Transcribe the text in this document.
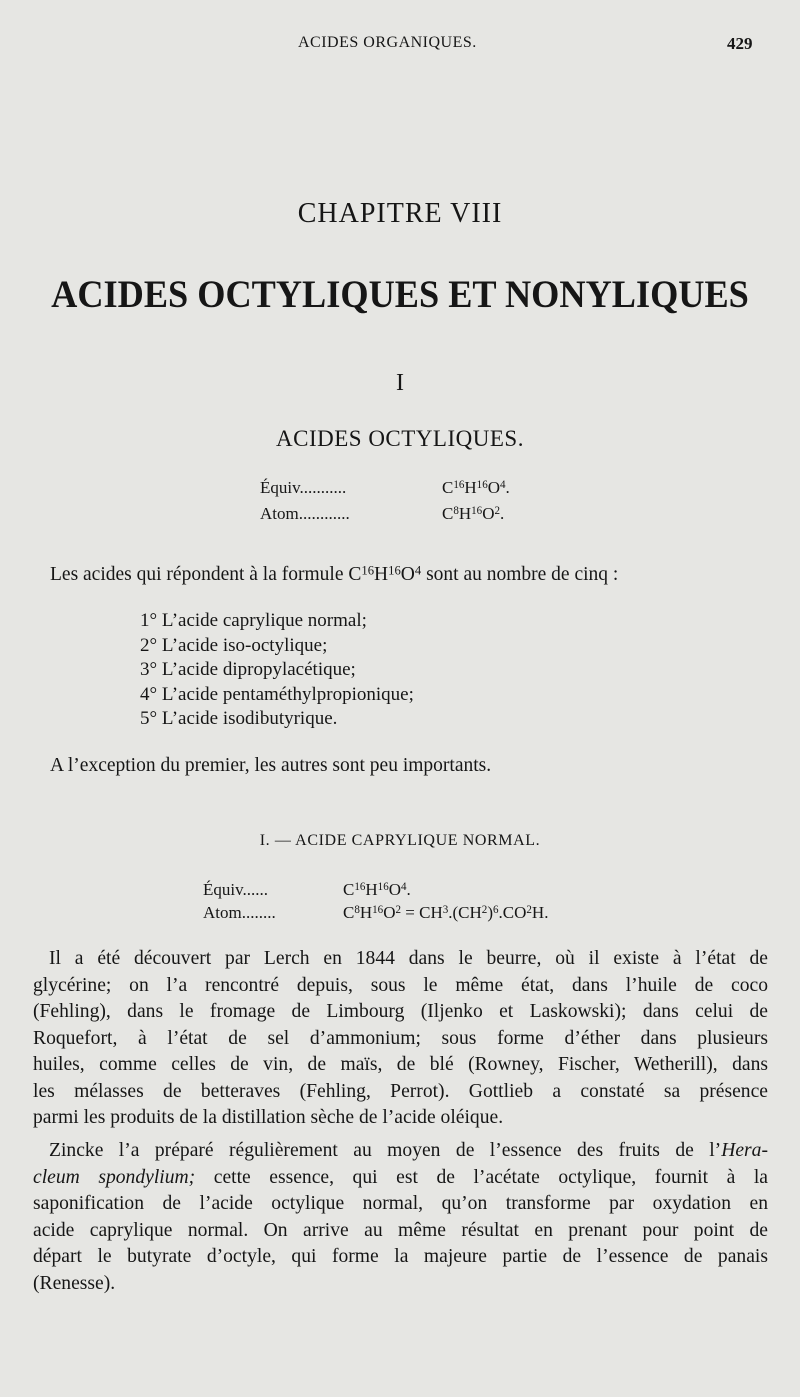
ACIDES ORGANIQUES.	429
CHAPITRE VIII
ACIDES OCTYLIQUES ET NONYLIQUES
I
ACIDES OCTYLIQUES.
Équiv...........	$C^{16}H^{16}O^4$.
Atom............	$C^8H^{16}O^2$.
Les acides qui répondent à la formule $C^{16}H^{16}O^4$ sont au nombre de cinq :
1° L’acide caprylique normal;
2° L’acide iso-octylique;
3° L’acide dipropylacétique;
4° L’acide pentaméthylpropionique;
5° L’acide isodibutyrique.
A l’exception du premier, les autres sont peu importants.
I. — ACIDE CAPRYLIQUE NORMAL.
Équiv......	$C^{16}H^{16}O^4$.
Atom........	$C^8H^{16}O^2 = CH^3.(CH^2)^6.CO^2H$.
Il a été découvert par Lerch en 1844 dans le beurre, où il existe à l’état de
glycérine; on l’a rencontré depuis, sous le même état, dans l’huile de coco
(Fehling), dans le fromage de Limbourg (Iljenko et Laskowski); dans celui de
Roquefort, à l’état de sel d’ammonium; sous forme d’éther dans plusieurs
huiles, comme celles de vin, de maïs, de blé (Rowney, Fischer, Wetherill), dans
les mélasses de betteraves (Fehling, Perrot). Gottlieb a constaté sa présence
parmi les produits de la distillation sèche de l’acide oléique.
Zincke l’a préparé régulièrement au moyen de l’essence des fruits de l’Hera-
cleum spondylium; cette essence, qui est de l’acétate octylique, fournit à la
saponification de l’acide octylique normal, qu’on transforme par oxydation en
acide caprylique normal. On arrive au même résultat en prenant pour point de
départ le butyrate d’octyle, qui forme la majeure partie de l’essence de panais
(Renesse).
